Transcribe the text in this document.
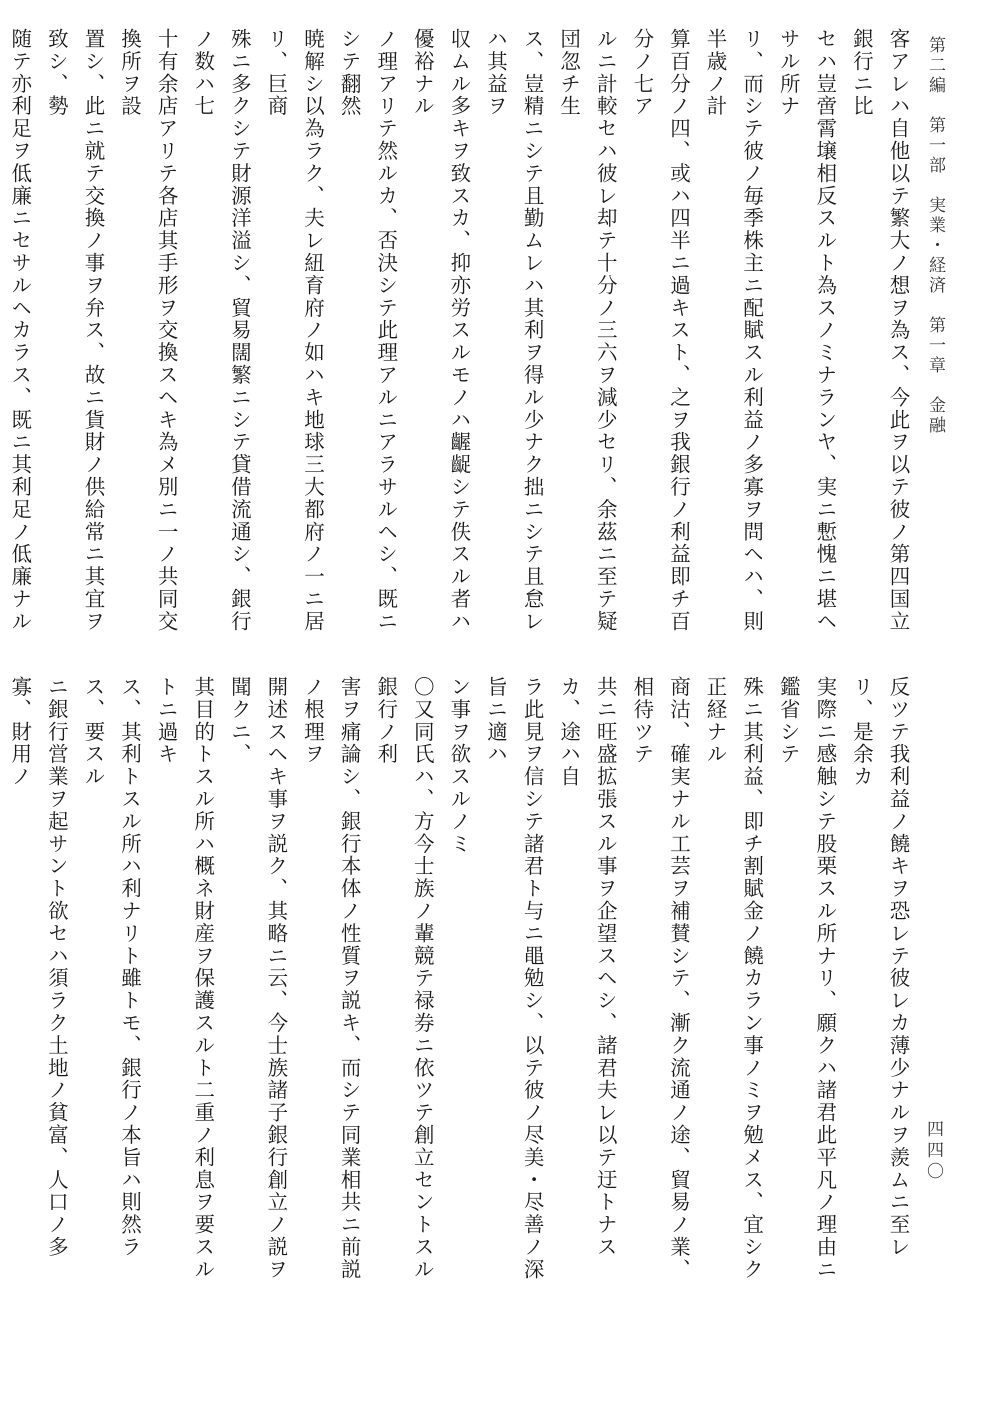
第二編　第一部　実業・経済　第一章　金融

客アレハ自他以テ繁大ノ想ヲ為ス、今此ヲ以テ彼ノ第四国立銀行ニ比

セハ豈啻霄壌相反スルト為スノミナランヤ、実ニ慙愧ニ堪ヘサル所ナ

リ、而シテ彼ノ毎季株主ニ配賦スル利益ノ多寡ヲ問ヘハ、則半歳ノ計

算百分ノ四、或ハ四半ニ過キスト、之ヲ我銀行ノ利益即チ百分ノ七ア

ルニ計較セハ彼レ却テ十分ノ三六ヲ減少セリ、余茲ニ至テ疑団忽チ生

ス、豈精ニシテ且勤ムレハ其利ヲ得ル少ナク拙ニシテ且怠レハ其益ヲ

収ムル多キヲ致スカ、抑亦労スルモノハ齷齪シテ佚スル者ハ優裕ナル

ノ理アリテ然ルカ、否決シテ此理アルニアラサルヘシ、既ニシテ翻然

暁解シ以為ラク、夫レ紐育府ノ如ハキ地球三大都府ノ一ニ居リ、巨商

殊ニ多クシテ財源洋溢シ、貿易闊繁ニシテ貸借流通シ、銀行ノ数ハ七

十有余店アリテ各店其手形ヲ交換スヘキ為メ別ニ一ノ共同交換所ヲ設

置シ、此ニ就テ交換ノ事ヲ弁ス、故ニ貨財ノ供給常ニ其宜ヲ致シ、勢

随テ亦利足ヲ低廉ニセサルヘカラス、既ニ其利足ノ低廉ナル

四四〇

反ツテ我利益ノ饒キヲ恐レテ彼レカ薄少ナルヲ羨ムニ至レリ、是余カ

実際ニ感触シテ股栗スル所ナリ、願クハ諸君此平凡ノ理由ニ鑑省シテ

殊ニ其利益、即チ割賦金ノ饒カラン事ノミヲ勉メス、宜シク正経ナル

商沽、確実ナル工芸ヲ補賛シテ、漸ク流通ノ途、貿易ノ業、相待ツテ

共ニ旺盛拡張スル事ヲ企望スヘシ、諸君夫レ以テ迂トナスカ、途ハ自

ラ此見ヲ信シテ諸君ト与ニ黽勉シ、以テ彼ノ尽美・尽善ノ深旨ニ適ハ

ン事ヲ欲スルノミ

〇又同氏ハ、方今士族ノ輩競テ禄券ニ依ツテ創立セントスル銀行ノ利

害ヲ痛論シ、銀行本体ノ性質ヲ説キ、而シテ同業相共ニ前説ノ根理ヲ

開述スヘキ事ヲ説ク、其略ニ云、今士族諸子銀行創立ノ説ヲ聞クニ、

其目的トスル所ハ概ネ財産ヲ保護スルト二重ノ利息ヲ要スルトニ過キ

ス、其利トスル所ハ利ナリト雖トモ、銀行ノ本旨ハ則然ラス、要スル

ニ銀行営業ヲ起サント欲セハ須ラク土地ノ貧富、人口ノ多寡、財用ノ
